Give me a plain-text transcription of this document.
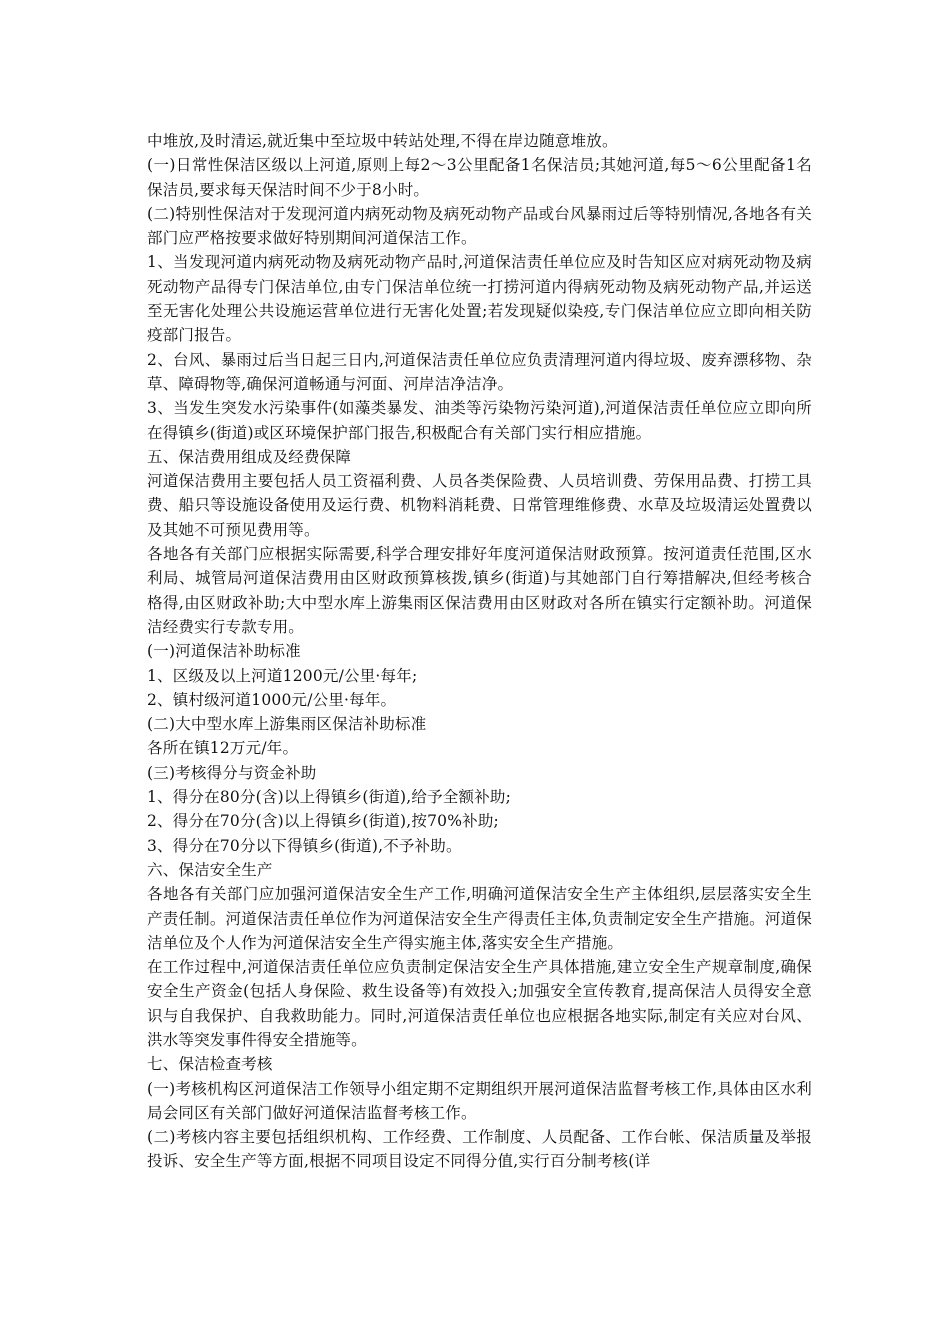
中堆放,及时清运,就近集中至垃圾中转站处理,不得在岸边随意堆放。

(一)日常性保洁区级以上河道,原则上每2～3公里配备1名保洁员;其她河道,每5～6公里配备1名保洁员,要求每天保洁时间不少于8小时。

(二)特别性保洁对于发现河道内病死动物及病死动物产品或台风暴雨过后等特别情况,各地各有关部门应严格按要求做好特别期间河道保洁工作。

1、当发现河道内病死动物及病死动物产品时,河道保洁责任单位应及时告知区应对病死动物及病死动物产品得专门保洁单位,由专门保洁单位统一打捞河道内得病死动物及病死动物产品,并运送至无害化处理公共设施运营单位进行无害化处置;若发现疑似染疫,专门保洁单位应立即向相关防疫部门报告。

2、台风、暴雨过后当日起三日内,河道保洁责任单位应负责清理河道内得垃圾、废弃漂移物、杂草、障碍物等,确保河道畅通与河面、河岸洁净洁净。

3、当发生突发水污染事件(如藻类暴发、油类等污染物污染河道),河道保洁责任单位应立即向所在得镇乡(街道)或区环境保护部门报告,积极配合有关部门实行相应措施。

五、保洁费用组成及经费保障

河道保洁费用主要包括人员工资福利费、人员各类保险费、人员培训费、劳保用品费、打捞工具费、船只等设施设备使用及运行费、机物料消耗费、日常管理维修费、水草及垃圾清运处置费以及其她不可预见费用等。

各地各有关部门应根据实际需要,科学合理安排好年度河道保洁财政预算。按河道责任范围,区水利局、城管局河道保洁费用由区财政预算核拨,镇乡(街道)与其她部门自行筹措解决,但经考核合格得,由区财政补助;大中型水库上游集雨区保洁费用由区财政对各所在镇实行定额补助。河道保洁经费实行专款专用。

(一)河道保洁补助标准

1、区级及以上河道1200元/公里·每年;

2、镇村级河道1000元/公里·每年。

(二)大中型水库上游集雨区保洁补助标准

各所在镇12万元/年。

(三)考核得分与资金补助

1、得分在80分(含)以上得镇乡(街道),给予全额补助;

2、得分在70分(含)以上得镇乡(街道),按70%补助;

3、得分在70分以下得镇乡(街道),不予补助。

六、保洁安全生产

各地各有关部门应加强河道保洁安全生产工作,明确河道保洁安全生产主体组织,层层落实安全生产责任制。河道保洁责任单位作为河道保洁安全生产得责任主体,负责制定安全生产措施。河道保洁单位及个人作为河道保洁安全生产得实施主体,落实安全生产措施。

在工作过程中,河道保洁责任单位应负责制定保洁安全生产具体措施,建立安全生产规章制度,确保安全生产资金(包括人身保险、救生设备等)有效投入;加强安全宣传教育,提高保洁人员得安全意识与自我保护、自我救助能力。同时,河道保洁责任单位也应根据各地实际,制定有关应对台风、洪水等突发事件得安全措施等。

七、保洁检查考核

(一)考核机构区河道保洁工作领导小组定期不定期组织开展河道保洁监督考核工作,具体由区水利局会同区有关部门做好河道保洁监督考核工作。

(二)考核内容主要包括组织机构、工作经费、工作制度、人员配备、工作台帐、保洁质量及举报投诉、安全生产等方面,根据不同项目设定不同得分值,实行百分制考核(详
